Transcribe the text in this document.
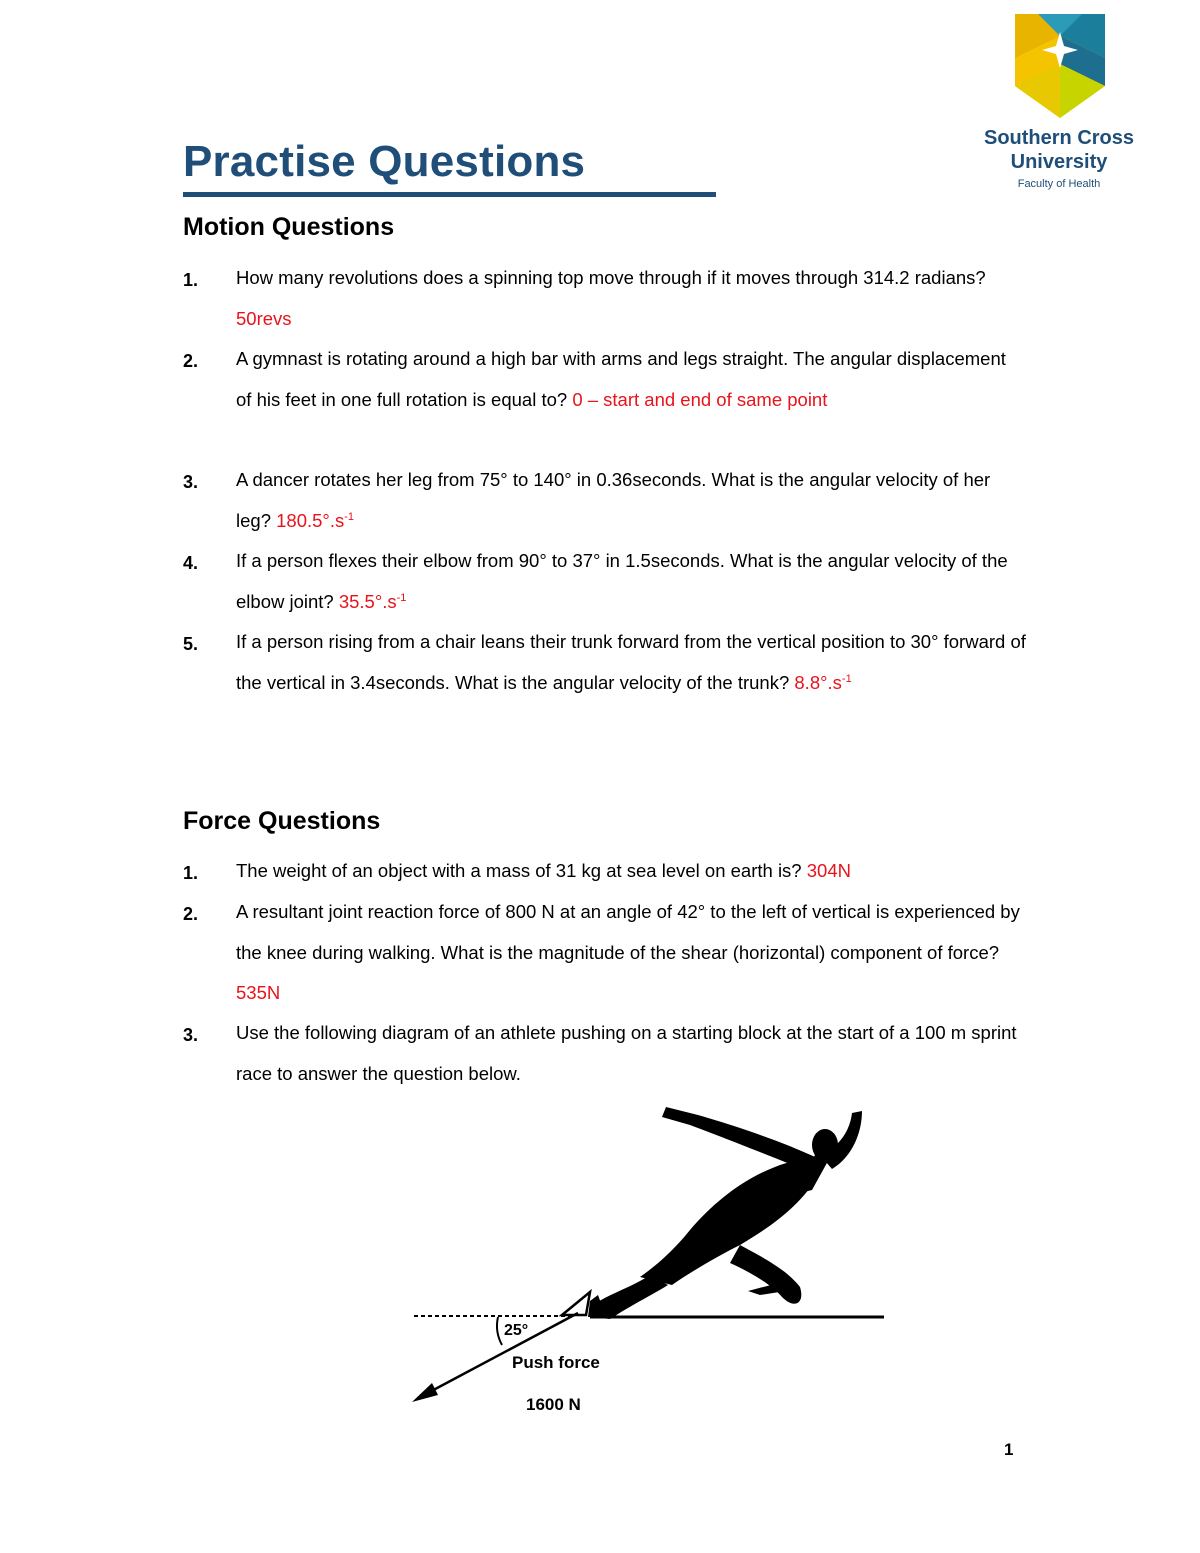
Southern Cross
University
Faculty of Health
Practise Questions
Motion Questions
1. How many revolutions does a spinning top move through if it moves through 314.2 radians? 50revs

2. A gymnast is rotating around a high bar with arms and legs straight. The angular displacement of his feet in one full rotation is equal to? 0 – start and end of same point

3. A dancer rotates her leg from 75° to 140° in 0.36seconds. What is the angular velocity of her leg? $180.5^\circ.s^{-1}$

4. If a person flexes their elbow from 90° to 37° in 1.5seconds. What is the angular velocity of the elbow joint? $35.5^\circ.s^{-1}$

5. If a person rising from a chair leans their trunk forward from the vertical position to 30° forward of the vertical in 3.4seconds. What is the angular velocity of the trunk? $8.8^\circ.s^{-1}$

Force Questions
1. The weight of an object with a mass of 31 kg at sea level on earth is? 304N

2. A resultant joint reaction force of 800 N at an angle of 42° to the left of vertical is experienced by the knee during walking. What is the magnitude of the shear (horizontal) component of force? 535N

3. Use the following diagram of an athlete pushing on a starting block at the start of a 100 m sprint race to answer the question below.

25°
Push force
1600 N
1
